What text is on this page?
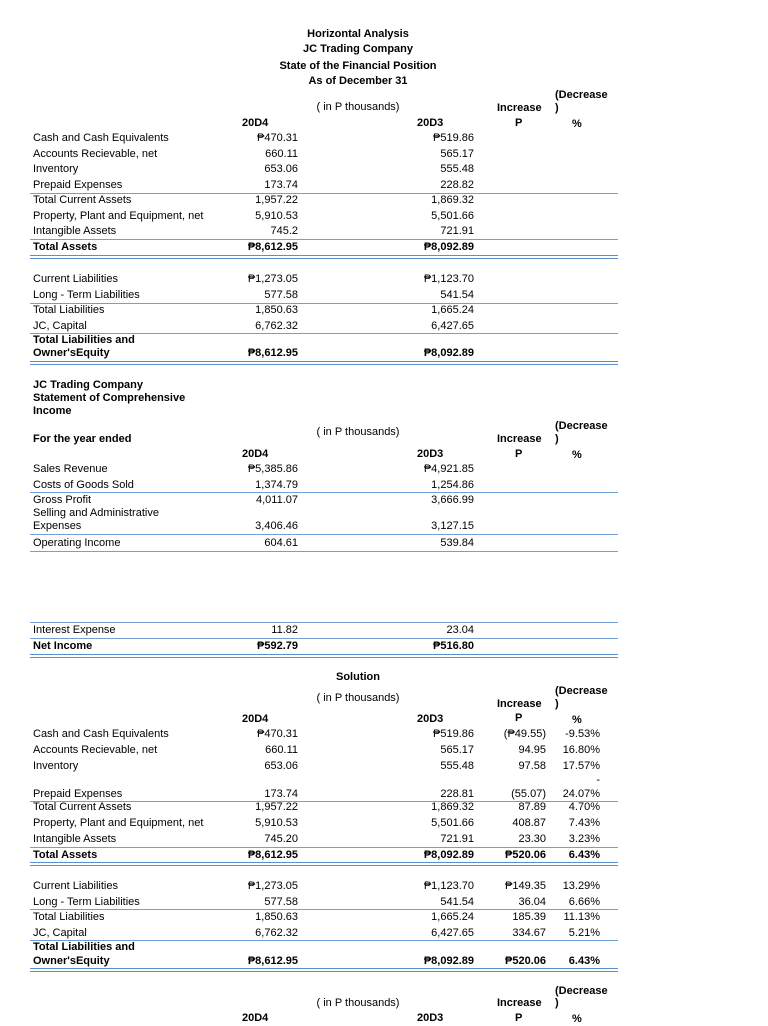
Horizontal Analysis
JC Trading Company
State of the Financial Position
As of December 31
(Decrease
)
( in P thousands)	Increase
20D4	20D3	P	%
Cash and Cash Equivalents	₱470.31	₱519.86
Accounts Recievable, net	660.11	565.17
Inventory	653.06	555.48
Prepaid Expenses	173.74	228.82
Total Current Assets	1,957.22	1,869.32
Property, Plant and Equipment, net	5,910.53	5,501.66
Intangible Assets	745.2	721.91
Total Assets	₱8,612.95	₱8,092.89
Current Liabilities	₱1,273.05	₱1,123.70
Long - Term Liabilities	577.58	541.54
Total Liabilities	1,850.63	1,665.24
JC, Capital	6,762.32	6,427.65
Total Liabilities and
Owner'sEquity	₱8,612.95	₱8,092.89
JC Trading Company
Statement of Comprehensive
Income
(Decrease
( in P thousands)
For the year ended	Increase )
20D4	20D3	P	%
Sales Revenue	₱5,385.86	₱4,921.85
Costs of Goods Sold	1,374.79	1,254.86
Gross Profit	4,011.07	3,666.99
Selling and Administrative
Expenses	3,406.46	3,127.15
Operating Income	604.61	539.84
Interest Expense	11.82	23.04
Net Income	₱592.79	₱516.80
Solution
(Decrease
( in P thousands)	Increase )
20D4	20D3	P	%
Cash and Cash Equivalents	₱470.31	₱519.86	(₱49.55)	-9.53%
Accounts Recievable, net	660.11	565.17	94.95	16.80%
Inventory	653.06	555.48	97.58	17.57%
-
Prepaid Expenses	173.74	228.81	(55.07)	24.07%
Total Current Assets	1,957.22	1,869.32	87.89	4.70%
Property, Plant and Equipment, net	5,910.53	5,501.66	408.87	7.43%
Intangible Assets	745.20	721.91	23.30	3.23%
Total Assets	₱8,612.95	₱8,092.89	₱520.06	6.43%
Current Liabilities	₱1,273.05	₱1,123.70	₱149.35	13.29%
Long - Term Liabilities	577.58	541.54	36.04	6.66%
Total Liabilities	1,850.63	1,665.24	185.39	11.13%
JC, Capital	6,762.32	6,427.65	334.67	5.21%
Total Liabilities and
Owner'sEquity	₱8,612.95	₱8,092.89	₱520.06	6.43%
(Decrease
( in P thousands)	Increase )
20D4	20D3	P	%
